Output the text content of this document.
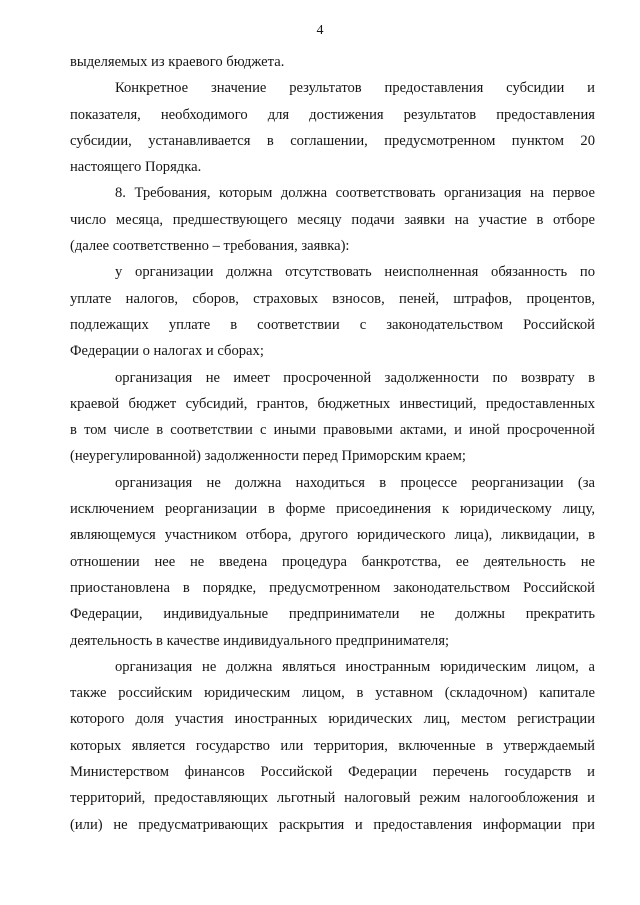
4
выделяемых из краевого бюджета.
Конкретное значение результатов предоставления субсидии и
показателя, необходимого для достижения результатов предоставления
субсидии, устанавливается в соглашении, предусмотренном пунктом 20
настоящего Порядка.
8. Требования, которым должна соответствовать организация на первое
число месяца, предшествующего месяцу подачи заявки на участие в отборе
(далее соответственно – требования, заявка):
у организации должна отсутствовать неисполненная обязанность по
уплате налогов, сборов, страховых взносов, пеней, штрафов, процентов,
подлежащих уплате в соответствии с законодательством Российской
Федерации о налогах и сборах;
организация не имеет просроченной задолженности по возврату в
краевой бюджет субсидий, грантов, бюджетных инвестиций, предоставленных
в том числе в соответствии с иными правовыми актами, и иной просроченной
(неурегулированной) задолженности перед Приморским краем;
организация не должна находиться в процессе реорганизации (за
исключением реорганизации в форме присоединения к юридическому лицу,
являющемуся участником отбора, другого юридического лица), ликвидации, в
отношении нее не введена процедура банкротства, ее деятельность не
приостановлена в порядке, предусмотренном законодательством Российской
Федерации, индивидуальные предприниматели не должны прекратить
деятельность в качестве индивидуального предпринимателя;
организация не должна являться иностранным юридическим лицом, а
также российским юридическим лицом, в уставном (складочном) капитале
которого доля участия иностранных юридических лиц, местом регистрации
которых является государство или территория, включенные в утверждаемый
Министерством финансов Российской Федерации перечень государств и
территорий, предоставляющих льготный налоговый режим налогообложения и
(или) не предусматривающих раскрытия и предоставления информации при
